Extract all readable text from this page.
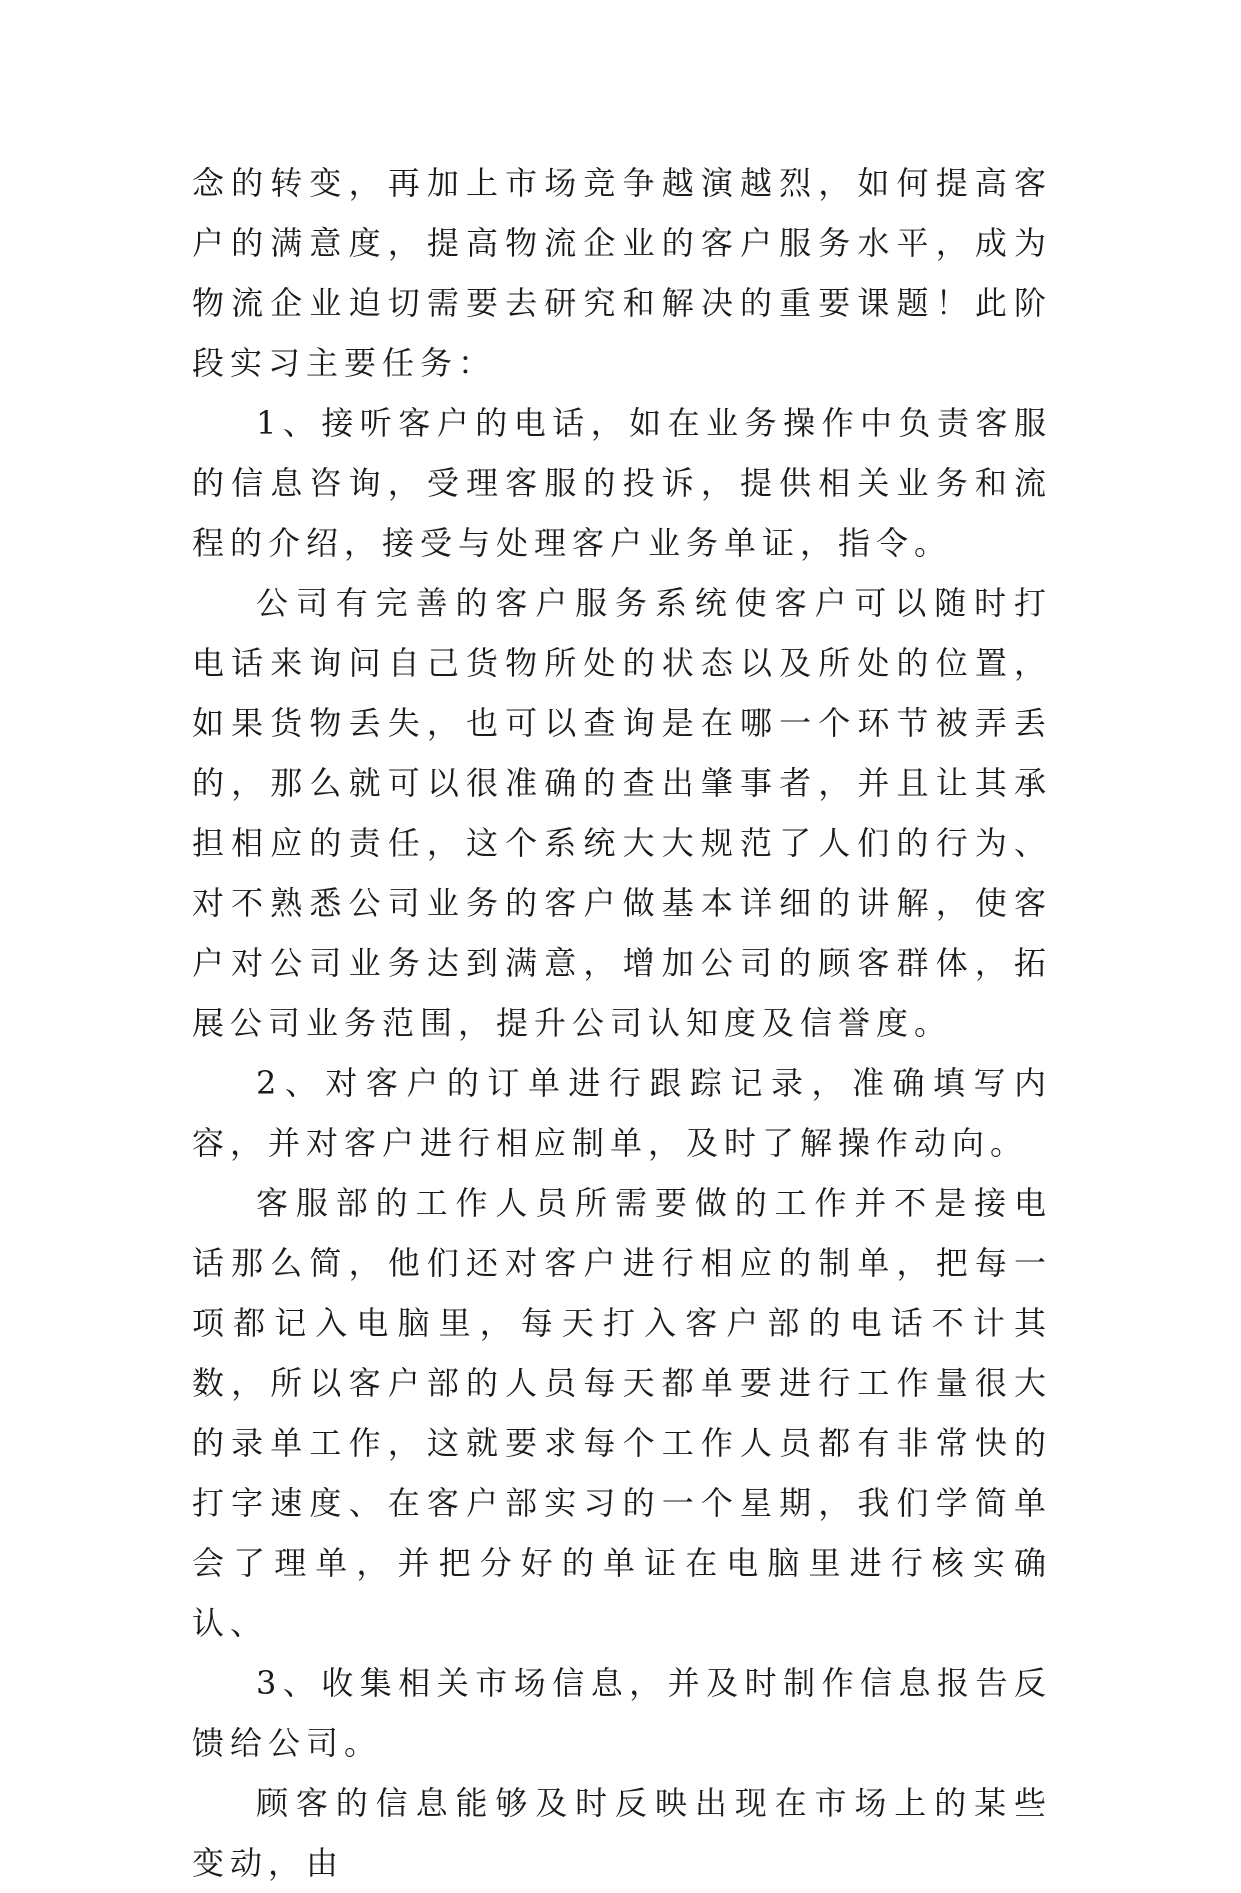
念的转变，再加上市场竞争越演越烈，如何提高客户的满意度，提高物流企业的客户服务水平，成为物流企业迫切需要去研究和解决的重要课题！此阶段实习主要任务：

1、接听客户的电话，如在业务操作中负责客服的信息咨询，受理客服的投诉，提供相关业务和流程的介绍，接受与处理客户业务单证，指令。

公司有完善的客户服务系统使客户可以随时打电话来询问自己货物所处的状态以及所处的位置，如果货物丢失，也可以查询是在哪一个环节被弄丢的，那么就可以很准确的查出肇事者，并且让其承担相应的责任，这个系统大大规范了人们的行为、对不熟悉公司业务的客户做基本详细的讲解，使客户对公司业务达到满意，增加公司的顾客群体，拓展公司业务范围，提升公司认知度及信誉度。

2、对客户的订单进行跟踪记录，准确填写内容，并对客户进行相应制单，及时了解操作动向。

客服部的工作人员所需要做的工作并不是接电话那么简，他们还对客户进行相应的制单，把每一项都记入电脑里，每天打入客户部的电话不计其数，所以客户部的人员每天都单要进行工作量很大的录单工作，这就要求每个工作人员都有非常快的打字速度、在客户部实习的一个星期，我们学简单会了理单，并把分好的单证在电脑里进行核实确认、

3、收集相关市场信息，并及时制作信息报告反馈给公司。

顾客的信息能够及时反映出现在市场上的某些变动，由
